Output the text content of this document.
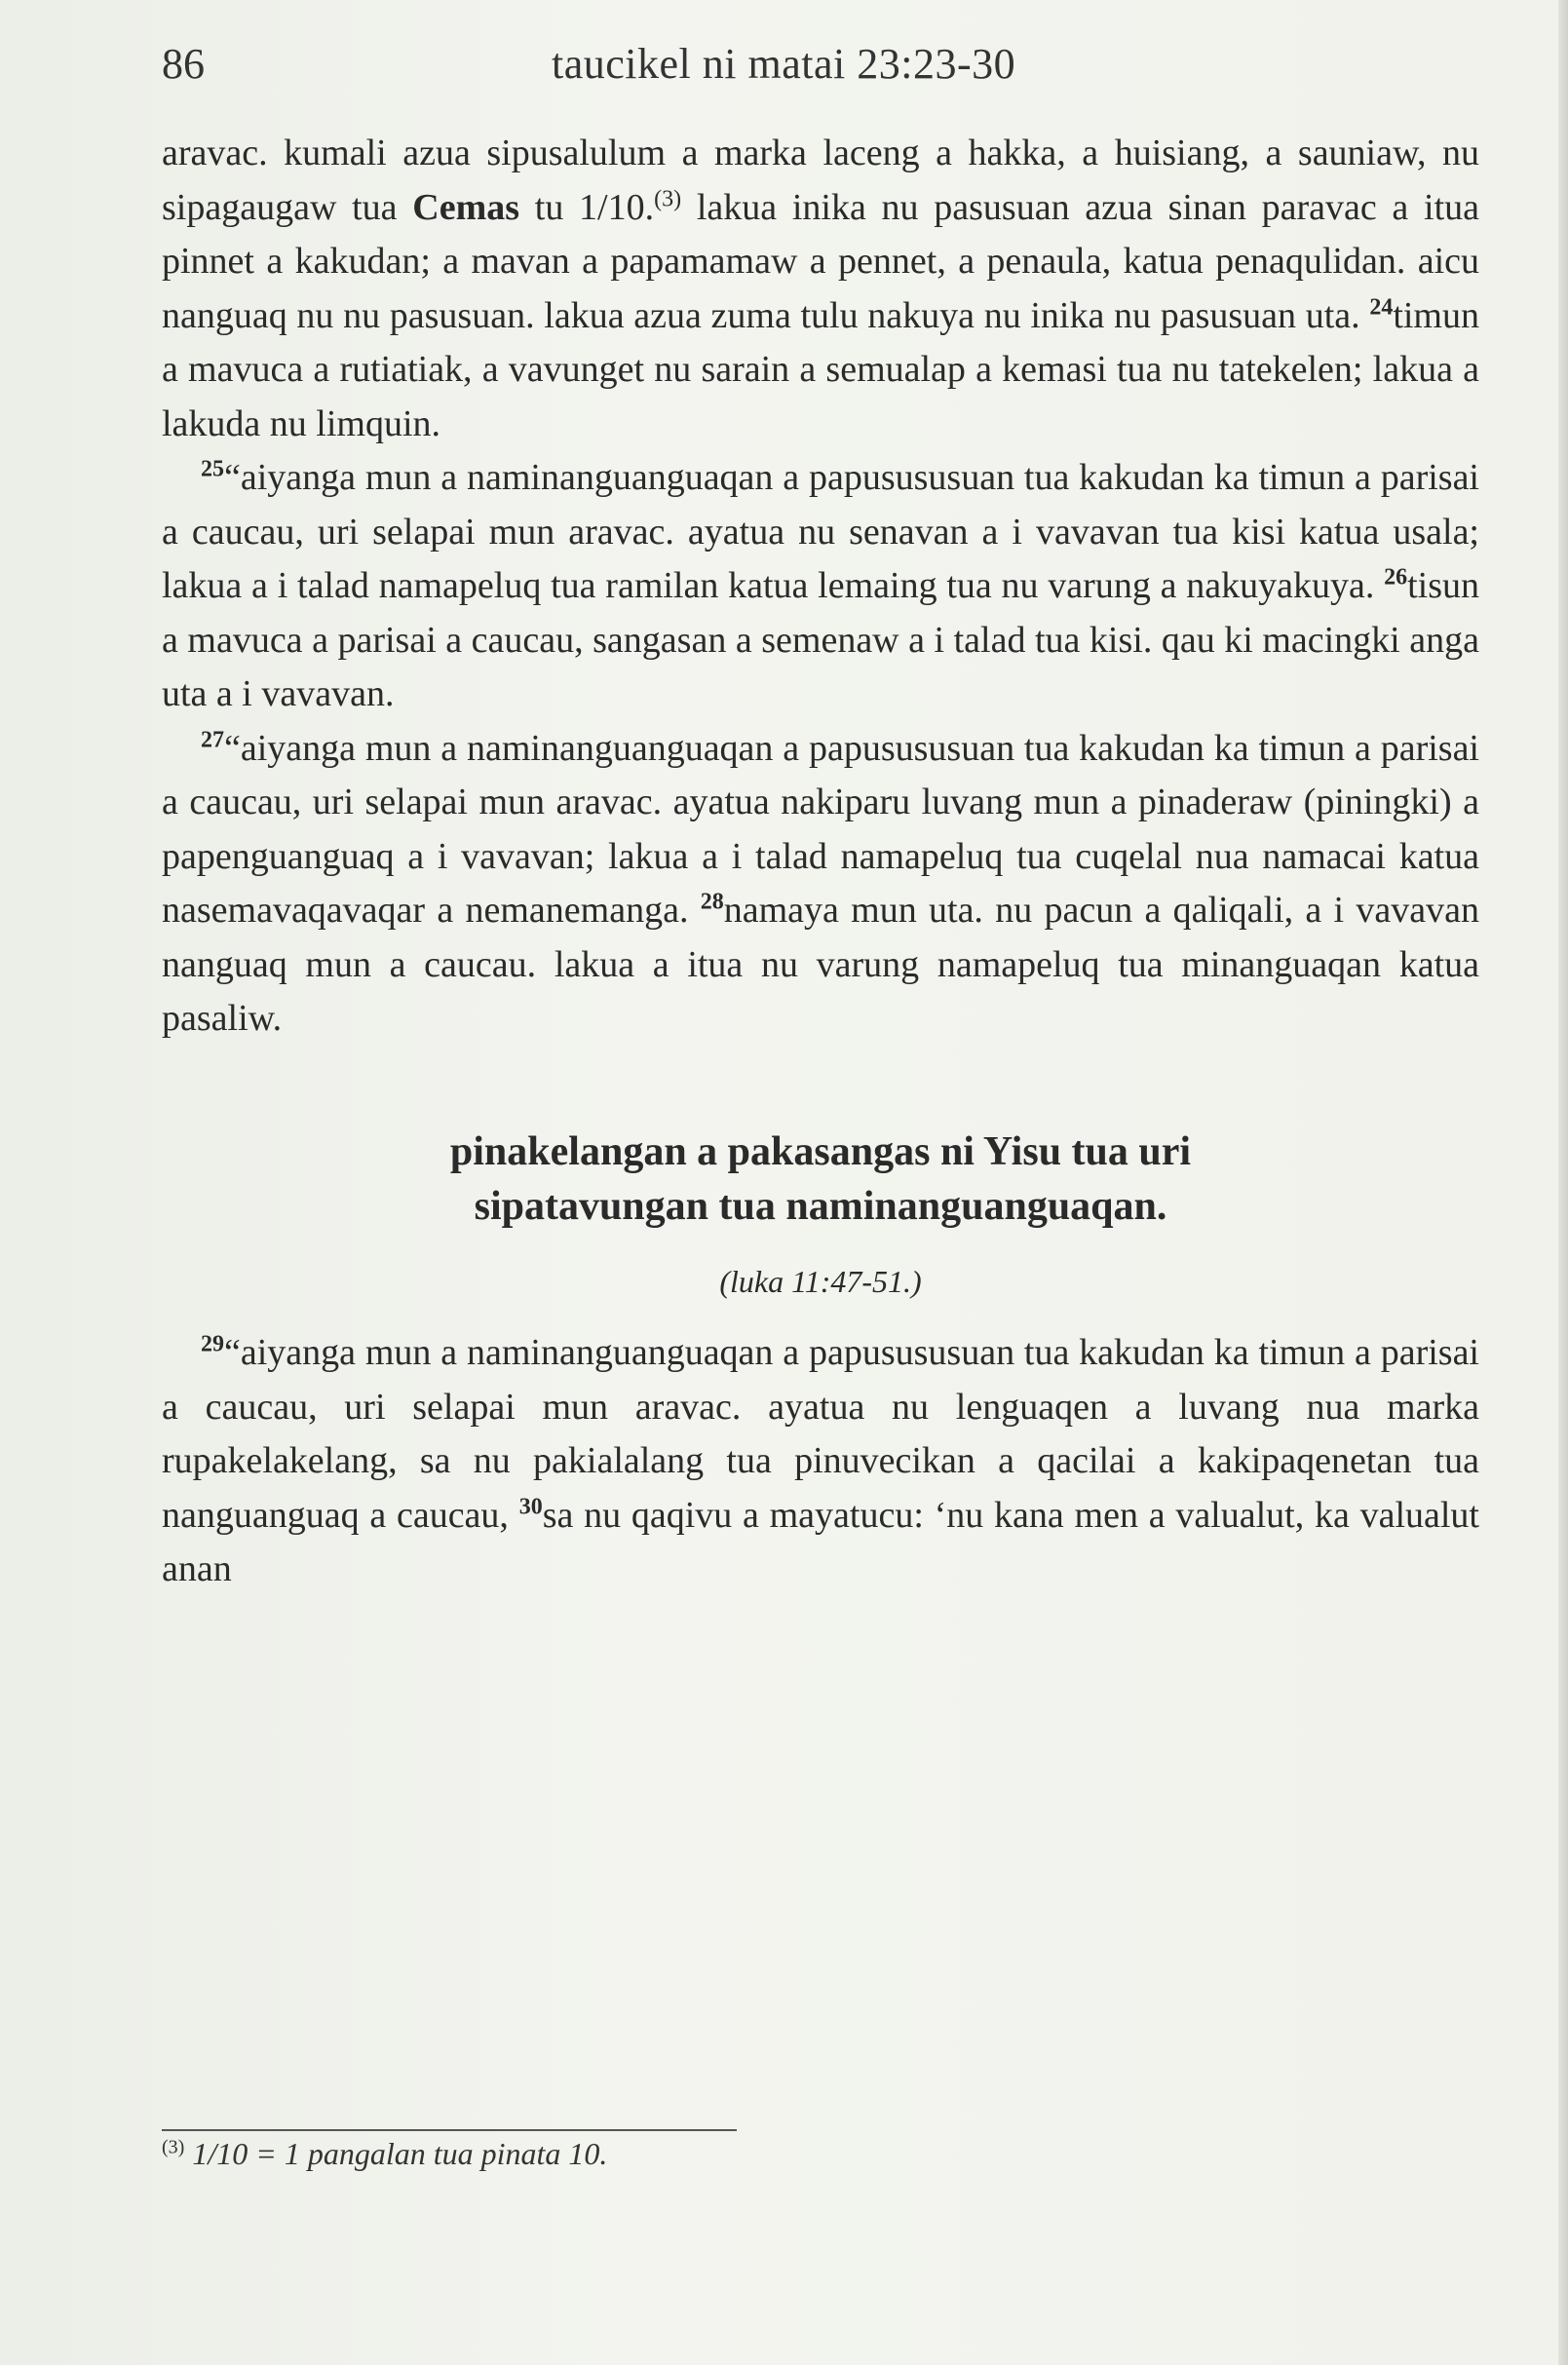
86	taucikel ni matai 23:23-30

aravac. kumali azua sipusalulum a marka laceng a hakka, a huisiang, a sauniaw, nu sipagaugaw tua Cemas tu 1/10.$^{(3)}$ lakua inika nu pasusuan azua sinan paravac a itua pinnet a kakudan; a mavan a papamamaw a pennet, a penaula, katua penaqulidan. aicu nanguaq nu nu pasusuan. lakua azua zuma tulu nakuya nu inika nu pasusuan uta. $^{24}$timun a mavuca a rutiatiak, a vavunget nu sarain a semualap a kemasi tua nu tatekelen; lakua a lakuda nu limquin.

$^{25}$“aiyanga mun a naminanguanguaqan a papusususuan tua kakudan ka timun a parisai a caucau, uri selapai mun aravac. ayatua nu senavan a i vavavan tua kisi katua usala; lakua a i talad namapeluq tua ramilan katua lemaing tua nu varung a nakuyakuya. $^{26}$tisun a mavuca a parisai a caucau, sangasan a semenaw a i talad tua kisi. qau ki macingki anga uta a i vavavan.

$^{27}$“aiyanga mun a naminanguanguaqan a papusususuan tua kakudan ka timun a parisai a caucau, uri selapai mun aravac. ayatua nakiparu luvang mun a pinaderaw (piningki) a papenguanguaq a i vavavan; lakua a i talad namapeluq tua cuqelal nua namacai katua nasemavaqavaqar a nemanemanga. $^{28}$namaya mun uta. nu pacun a qaliqali, a i vavavan nanguaq mun a caucau. lakua a itua nu varung namapeluq tua minanguaqan katua pasaliw.

pinakelangan a pakasangas ni Yisu tua uri
sipatavungan tua naminanguanguaqan.
(luka 11:47-51.)

$^{29}$“aiyanga mun a naminanguanguaqan a papusususuan tua kakudan ka timun a parisai a caucau, uri selapai mun aravac. ayatua nu lenguaqen a luvang nua marka rupakelakelang, sa nu pakialalang tua pinuvecikan a qacilai a kakipaqenetan tua nanguanguaq a caucau, $^{30}$sa nu qaqivu a mayatucu: ‘nu kana men a valualut, ka valualut anan

$^{(3)}$ 1/10 = 1 pangalan tua pinata 10.
